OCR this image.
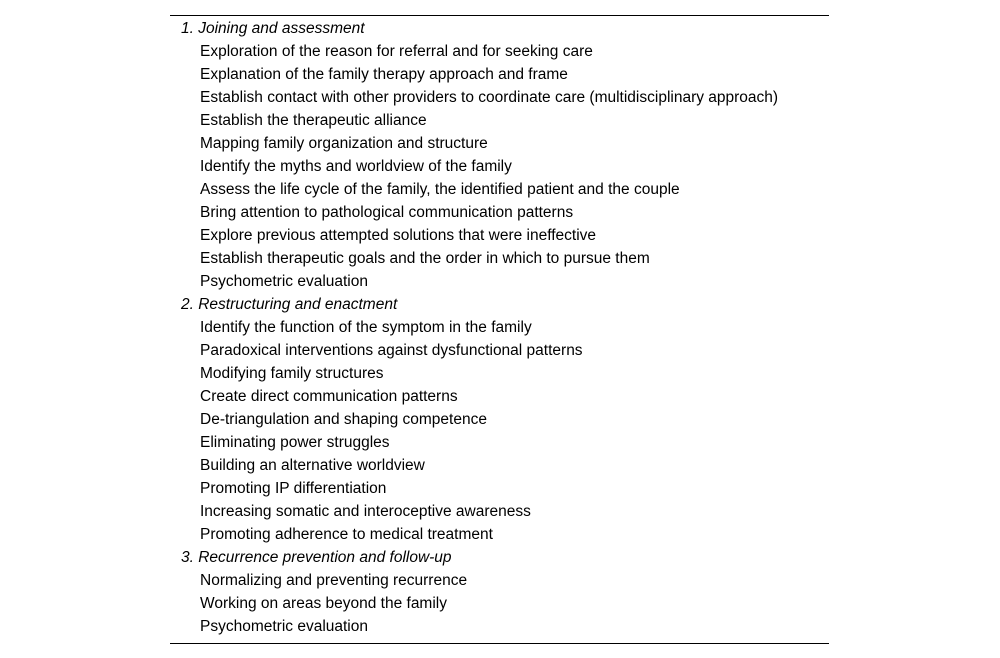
1. Joining and assessment
Exploration of the reason for referral and for seeking care
Explanation of the family therapy approach and frame
Establish contact with other providers to coordinate care (multidisciplinary approach)
Establish the therapeutic alliance
Mapping family organization and structure
Identify the myths and worldview of the family
Assess the life cycle of the family, the identified patient and the couple
Bring attention to pathological communication patterns
Explore previous attempted solutions that were ineffective
Establish therapeutic goals and the order in which to pursue them
Psychometric evaluation
2. Restructuring and enactment
Identify the function of the symptom in the family
Paradoxical interventions against dysfunctional patterns
Modifying family structures
Create direct communication patterns
De-triangulation and shaping competence
Eliminating power struggles
Building an alternative worldview
Promoting IP differentiation
Increasing somatic and interoceptive awareness
Promoting adherence to medical treatment
3. Recurrence prevention and follow-up
Normalizing and preventing recurrence
Working on areas beyond the family
Psychometric evaluation
